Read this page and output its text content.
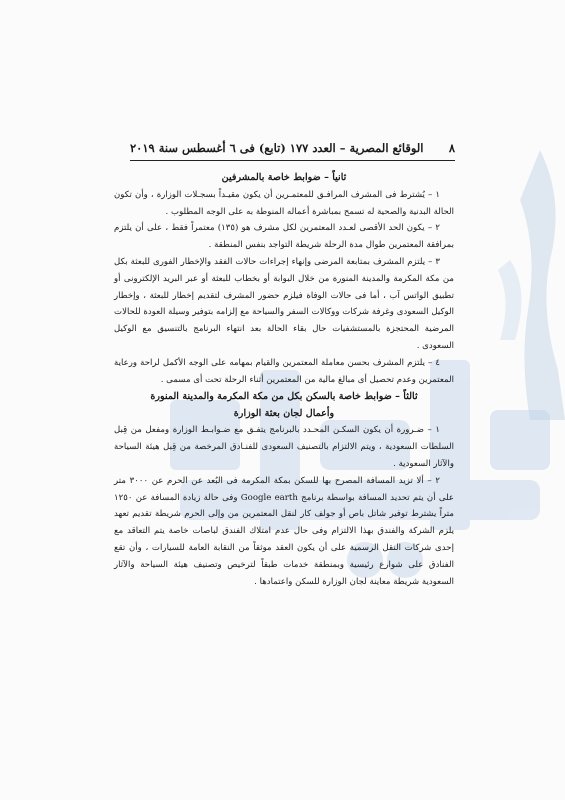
٨
الوقائع المصرية – العدد ١٧٧ (تابع) فى ٦ أغسطس سنة ٢٠١٩

ثانياً – ضوابط خاصة بالمشرفين

١ – يُشترط فى المشرف المرافـق للمعتمـرين أن يكون مقيـداً بسجـلات الوزارة ، وأن تكون الحالة البدنية والصحية له تسمح بمباشرة أعماله المنوطة به على الوجه المطلوب .

٢ – يكون الحد الأقصى لعـدد المعتمرين لكل مشرف هو (١٣٥) معتمراً فقط ، على أن يلتزم بمرافقة المعتمرين طوال مدة الرحلة شريطة التواجد بنفس المنطقة .

٣ – يلتزم المشرف بمتابعة المرضى وإنهاء إجراءات حالات الفقد والإخطار الفورى للبعثة بكل من مكة المكرمة والمدينة المنورة من خلال البوابة أو بخطاب للبعثة أو عبر البريد الإلكترونى أو تطبيق الواتس آب ، أما فى حالات الوفاة فيلزم حضور المشرف لتقديم إخطار للبعثة ، وإخطار الوكيل السعودى وغرفة شركات ووكالات السفر والسياحة مع إلزامه بتوفير وسيلة العودة للحالات المرضية المحتجزة بالمستشفيات حال بقاء الحالة بعد انتهاء البرنامج بالتنسيق مع الوكيل السعودى .

٤ – يلتزم المشرف بحسن معاملة المعتمرين والقيام بمهامه على الوجه الأكمل لراحة ورعاية المعتمرين وعدم تحصيل أى مبالغ مالية من المعتمرين أثناء الرحلة تحت أى مسمى .

ثالثاً – ضوابط خاصة بالسكن بكل من مكة المكرمة والمدينة المنورة

وأعمال لجان بعثة الوزارة

١ – ضـرورة أن يكون السكـن المحـدد بالبرنامج يتفـق مع ضـوابـط الوزارة ومفعل من قِبل السلطات السعودية ، ويتم الالتزام بالتصنيف السعودى للفنـادق المرخصة من قِبل هيئة السياحة والآثار السعودية .

٢ – ألا تزيد المسافة المصرح بها للسكن بمكة المكرمة فى البُعد عن الحرم عن ٣٠٠٠ متر على أن يتم تحديد المسافة بواسطة برنامج Google earth وفى حالة زيادة المسافة عن ١٢٥٠ متراً يشترط توفير شاتل باص أو جولف كار لنقل المعتمرين من وإلى الحرم شريطة تقديم تعهد يلزم الشركة والفندق بهذا الالتزام وفى حال عدم امتلاك الفندق لباصات خاصة يتم التعاقد مع إحدى شركات النقل الرسمية على أن يكون العقد موثقاً من النقابة العامة للسيارات ، وأن تقع الفنادق على شوارع رئيسية وبمنطقة خدمات طبقاً لترخيص وتصنيف هيئة السياحة والآثار السعودية شريطة معاينة لجان الوزارة للسكن واعتمادها .
